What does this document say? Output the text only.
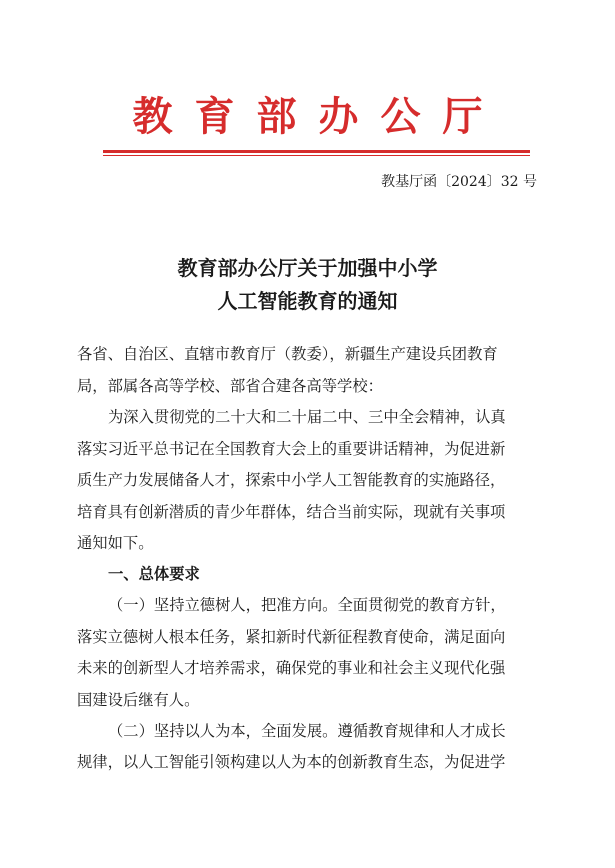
教育部办公厅
教基厅函〔2024〕32 号
教育部办公厅关于加强中小学
人工智能教育的通知
各省、自治区、直辖市教育厅（教委），新疆生产建设兵团教育
局，部属各高等学校、部省合建各高等学校：
为深入贯彻党的二十大和二十届二中、三中全会精神，认真
落实习近平总书记在全国教育大会上的重要讲话精神，为促进新
质生产力发展储备人才，探索中小学人工智能教育的实施路径，
培育具有创新潜质的青少年群体，结合当前实际，现就有关事项
通知如下。
一、总体要求
（一）坚持立德树人，把准方向。全面贯彻党的教育方针，
落实立德树人根本任务，紧扣新时代新征程教育使命，满足面向
未来的创新型人才培养需求，确保党的事业和社会主义现代化强
国建设后继有人。
（二）坚持以人为本，全面发展。遵循教育规律和人才成长
规律，以人工智能引领构建以人为本的创新教育生态，为促进学
